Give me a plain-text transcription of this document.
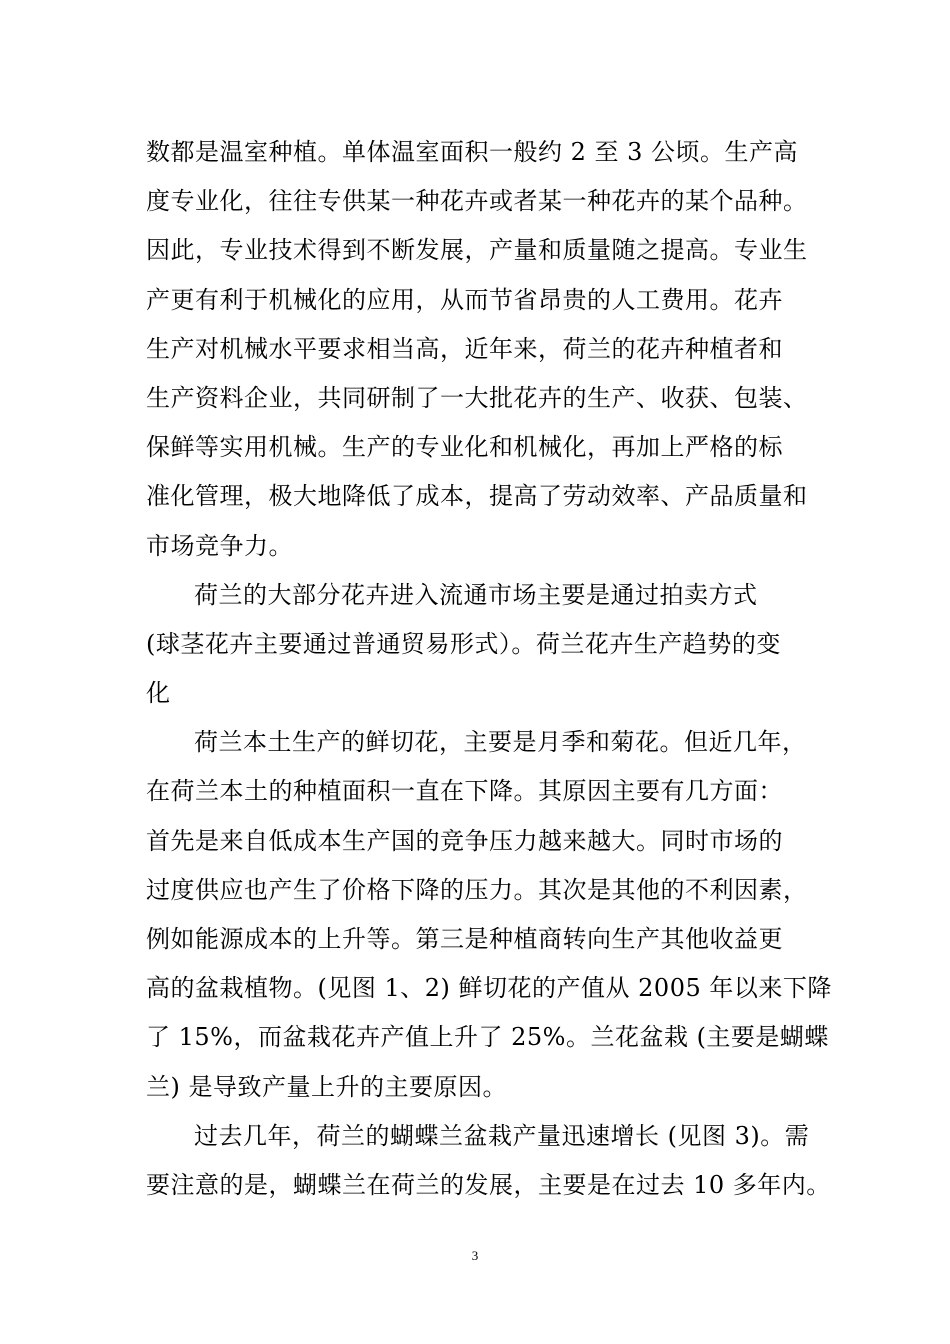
数都是温室种植。单体温室面积一般约 2 至 3 公顷。生产高
度专业化，往往专供某一种花卉或者某一种花卉的某个品种。
因此，专业技术得到不断发展，产量和质量随之提高。专业生
产更有利于机械化的应用，从而节省昂贵的人工费用。花卉
生产对机械水平要求相当高，近年来，荷兰的花卉种植者和
生产资料企业，共同研制了一大批花卉的生产、收获、包装、
保鲜等实用机械。生产的专业化和机械化，再加上严格的标
准化管理，极大地降低了成本，提高了劳动效率、产品质量和
市场竞争力。
荷兰的大部分花卉进入流通市场主要是通过拍卖方式
(球茎花卉主要通过普通贸易形式）。荷兰花卉生产趋势的变
化
荷兰本土生产的鲜切花，主要是月季和菊花。但近几年，
在荷兰本土的种植面积一直在下降。其原因主要有几方面：
首先是来自低成本生产国的竞争压力越来越大。同时市场的
过度供应也产生了价格下降的压力。其次是其他的不利因素，
例如能源成本的上升等。第三是种植商转向生产其他收益更
高的盆栽植物。(见图 1、2) 鲜切花的产值从 2005 年以来下降
了 15%，而盆栽花卉产值上升了 25%。兰花盆栽 (主要是蝴蝶
兰) 是导致产量上升的主要原因。
过去几年，荷兰的蝴蝶兰盆栽产量迅速增长 (见图 3)。需
要注意的是，蝴蝶兰在荷兰的发展，主要是在过去 10 多年内。
3
